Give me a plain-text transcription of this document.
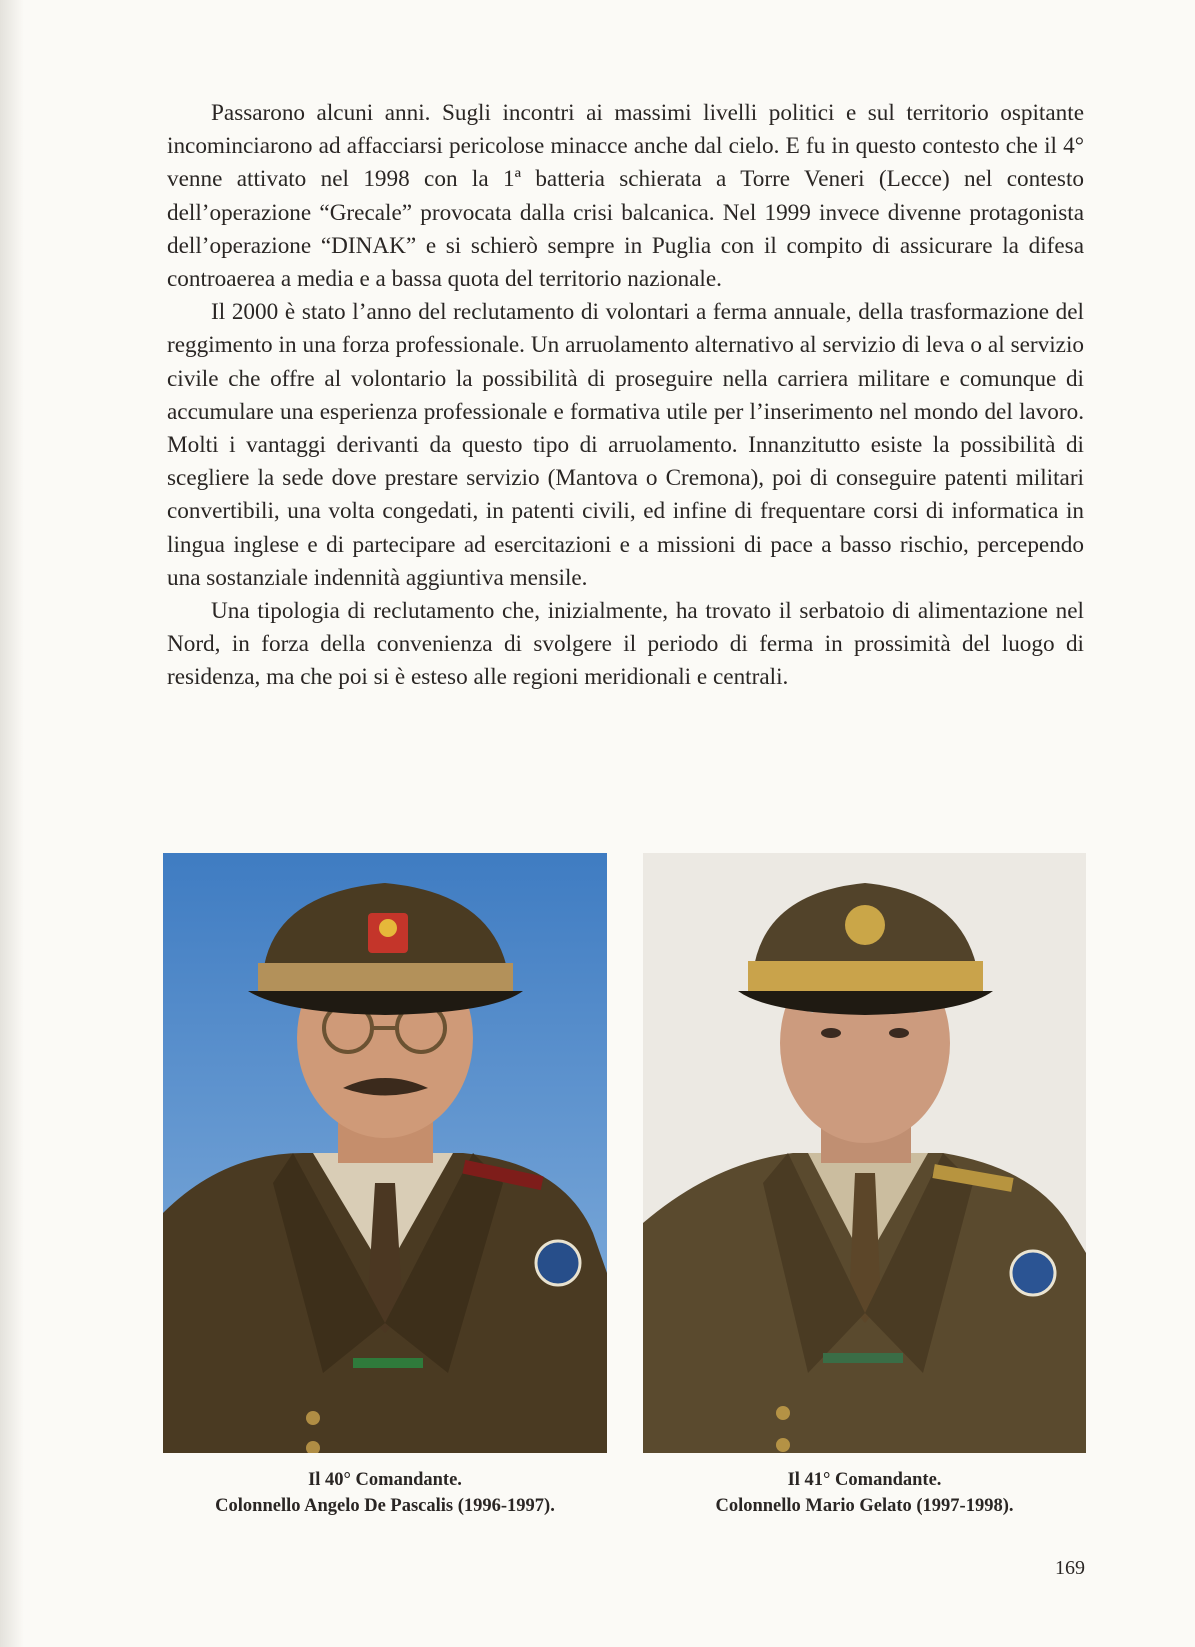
Passarono alcuni anni. Sugli incontri ai massimi livelli politici e sul territorio ospitante incominciarono ad affacciarsi pericolose minacce anche dal cielo. E fu in questo contesto che il 4° venne attivato nel 1998 con la 1ª batteria schierata a Torre Veneri (Lecce) nel contesto dell’operazione “Grecale” provocata dalla crisi balcanica. Nel 1999 invece divenne protagonista dell’operazione “DINAK” e si schierò sempre in Puglia con il compito di assicurare la difesa controaerea a media e a bassa quota del territorio nazionale.

Il 2000 è stato l’anno del reclutamento di volontari a ferma annuale, della trasformazione del reggimento in una forza professionale. Un arruolamento alternativo al servizio di leva o al servizio civile che offre al volontario la possibilità di proseguire nella carriera militare e comunque di accumulare una esperienza professionale e formativa utile per l’inserimento nel mondo del lavoro. Molti i vantaggi derivanti da questo tipo di arruolamento. Innanzitutto esiste la possibilità di scegliere la sede dove prestare servizio (Mantova o Cremona), poi di conseguire patenti militari convertibili, una volta congedati, in patenti civili, ed infine di frequentare corsi di informatica in lingua inglese e di partecipare ad esercitazioni e a missioni di pace a basso rischio, percependo una sostanziale indennità aggiuntiva mensile.

Una tipologia di reclutamento che, inizialmente, ha trovato il serbatoio di alimentazione nel Nord, in forza della convenienza di svolgere il periodo di ferma in prossimità del luogo di residenza, ma che poi si è esteso alle regioni meridionali e centrali.

Il 40° Comandante.
Colonnello Angelo De Pascalis (1996-1997).
Il 41° Comandante.
Colonnello Mario Gelato (1997-1998).
169
